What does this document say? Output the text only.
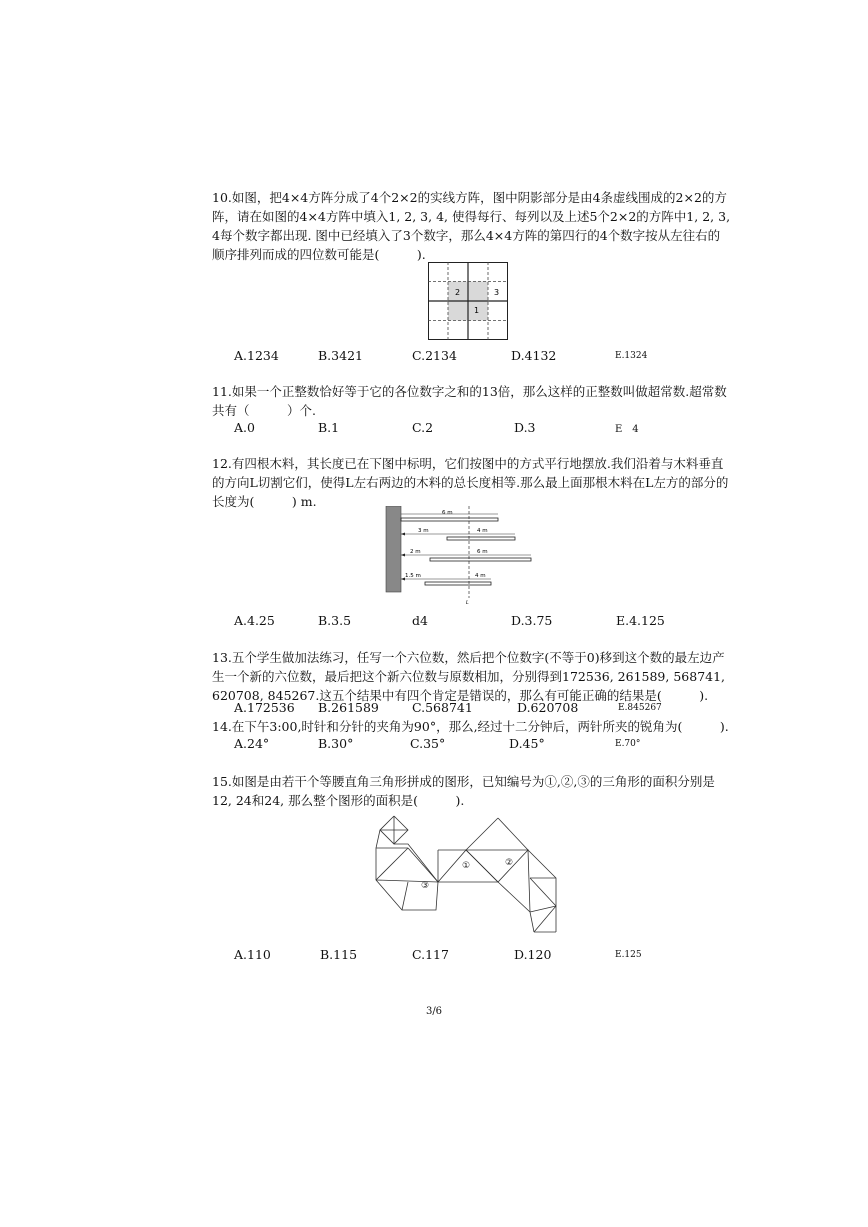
10.如图，把4×4方阵分成了4个2×2的实线方阵，图中阴影部分是由4条虚线围成的2×2的方阵，请在如图的4×4方阵中填入1, 2, 3, 4, 使得每行、每列以及上述5个2×2的方阵中1, 2, 3, 4每个数字都出现. 图中已经填入了3个数字，那么4×4方阵的第四行的4个数字按从左往右的顺序排列而成的四位数可能是(　　　).
2	3
1
A.1234	B.3421	C.2134	D.4132	E.1324
11.如果一个正整数恰好等于它的各位数字之和的13倍，那么这样的正整数叫做超常数.超常数共有（　　　）个.
A.0	B.1	C.2	D.3	E　4
12.有四根木料，其长度已在下图中标明，它们按图中的方式平行地摆放.我们沿着与木料垂直的方向L切割它们，使得L左右两边的木料的总长度相等.那么最上面那根木料在L左方的部分的长度为(　　　) m.
6 m
3 m	4 m
2 m	6 m
1.5 m	4 m
L
A.4.25	B.3.5	d4	D.3.75	E.4.125
13.五个学生做加法练习，任写一个六位数，然后把个位数字(不等于0)移到这个数的最左边产生一个新的六位数，最后把这个新六位数与原数相加，分别得到172536, 261589, 568741, 620708, 845267.这五个结果中有四个肯定是错误的，那么有可能正确的结果是(　　　).
A.172536 B.261589	C.568741	D.620708	E.845267
14.在下午3:00,时针和分针的夹角为90°，那么,经过十二分钟后，两针所夹的锐角为(　　　).
A.24°	B.30°	C.35°	D.45°	E.70°
15.如图是由若干个等腰直角三角形拼成的图形，已知编号为①,②,③的三角形的面积分别是12, 24和24, 那么整个图形的面积是(　　　).
①	②
③
A.110	B.115	C.117	D.120	E.125
3/6
